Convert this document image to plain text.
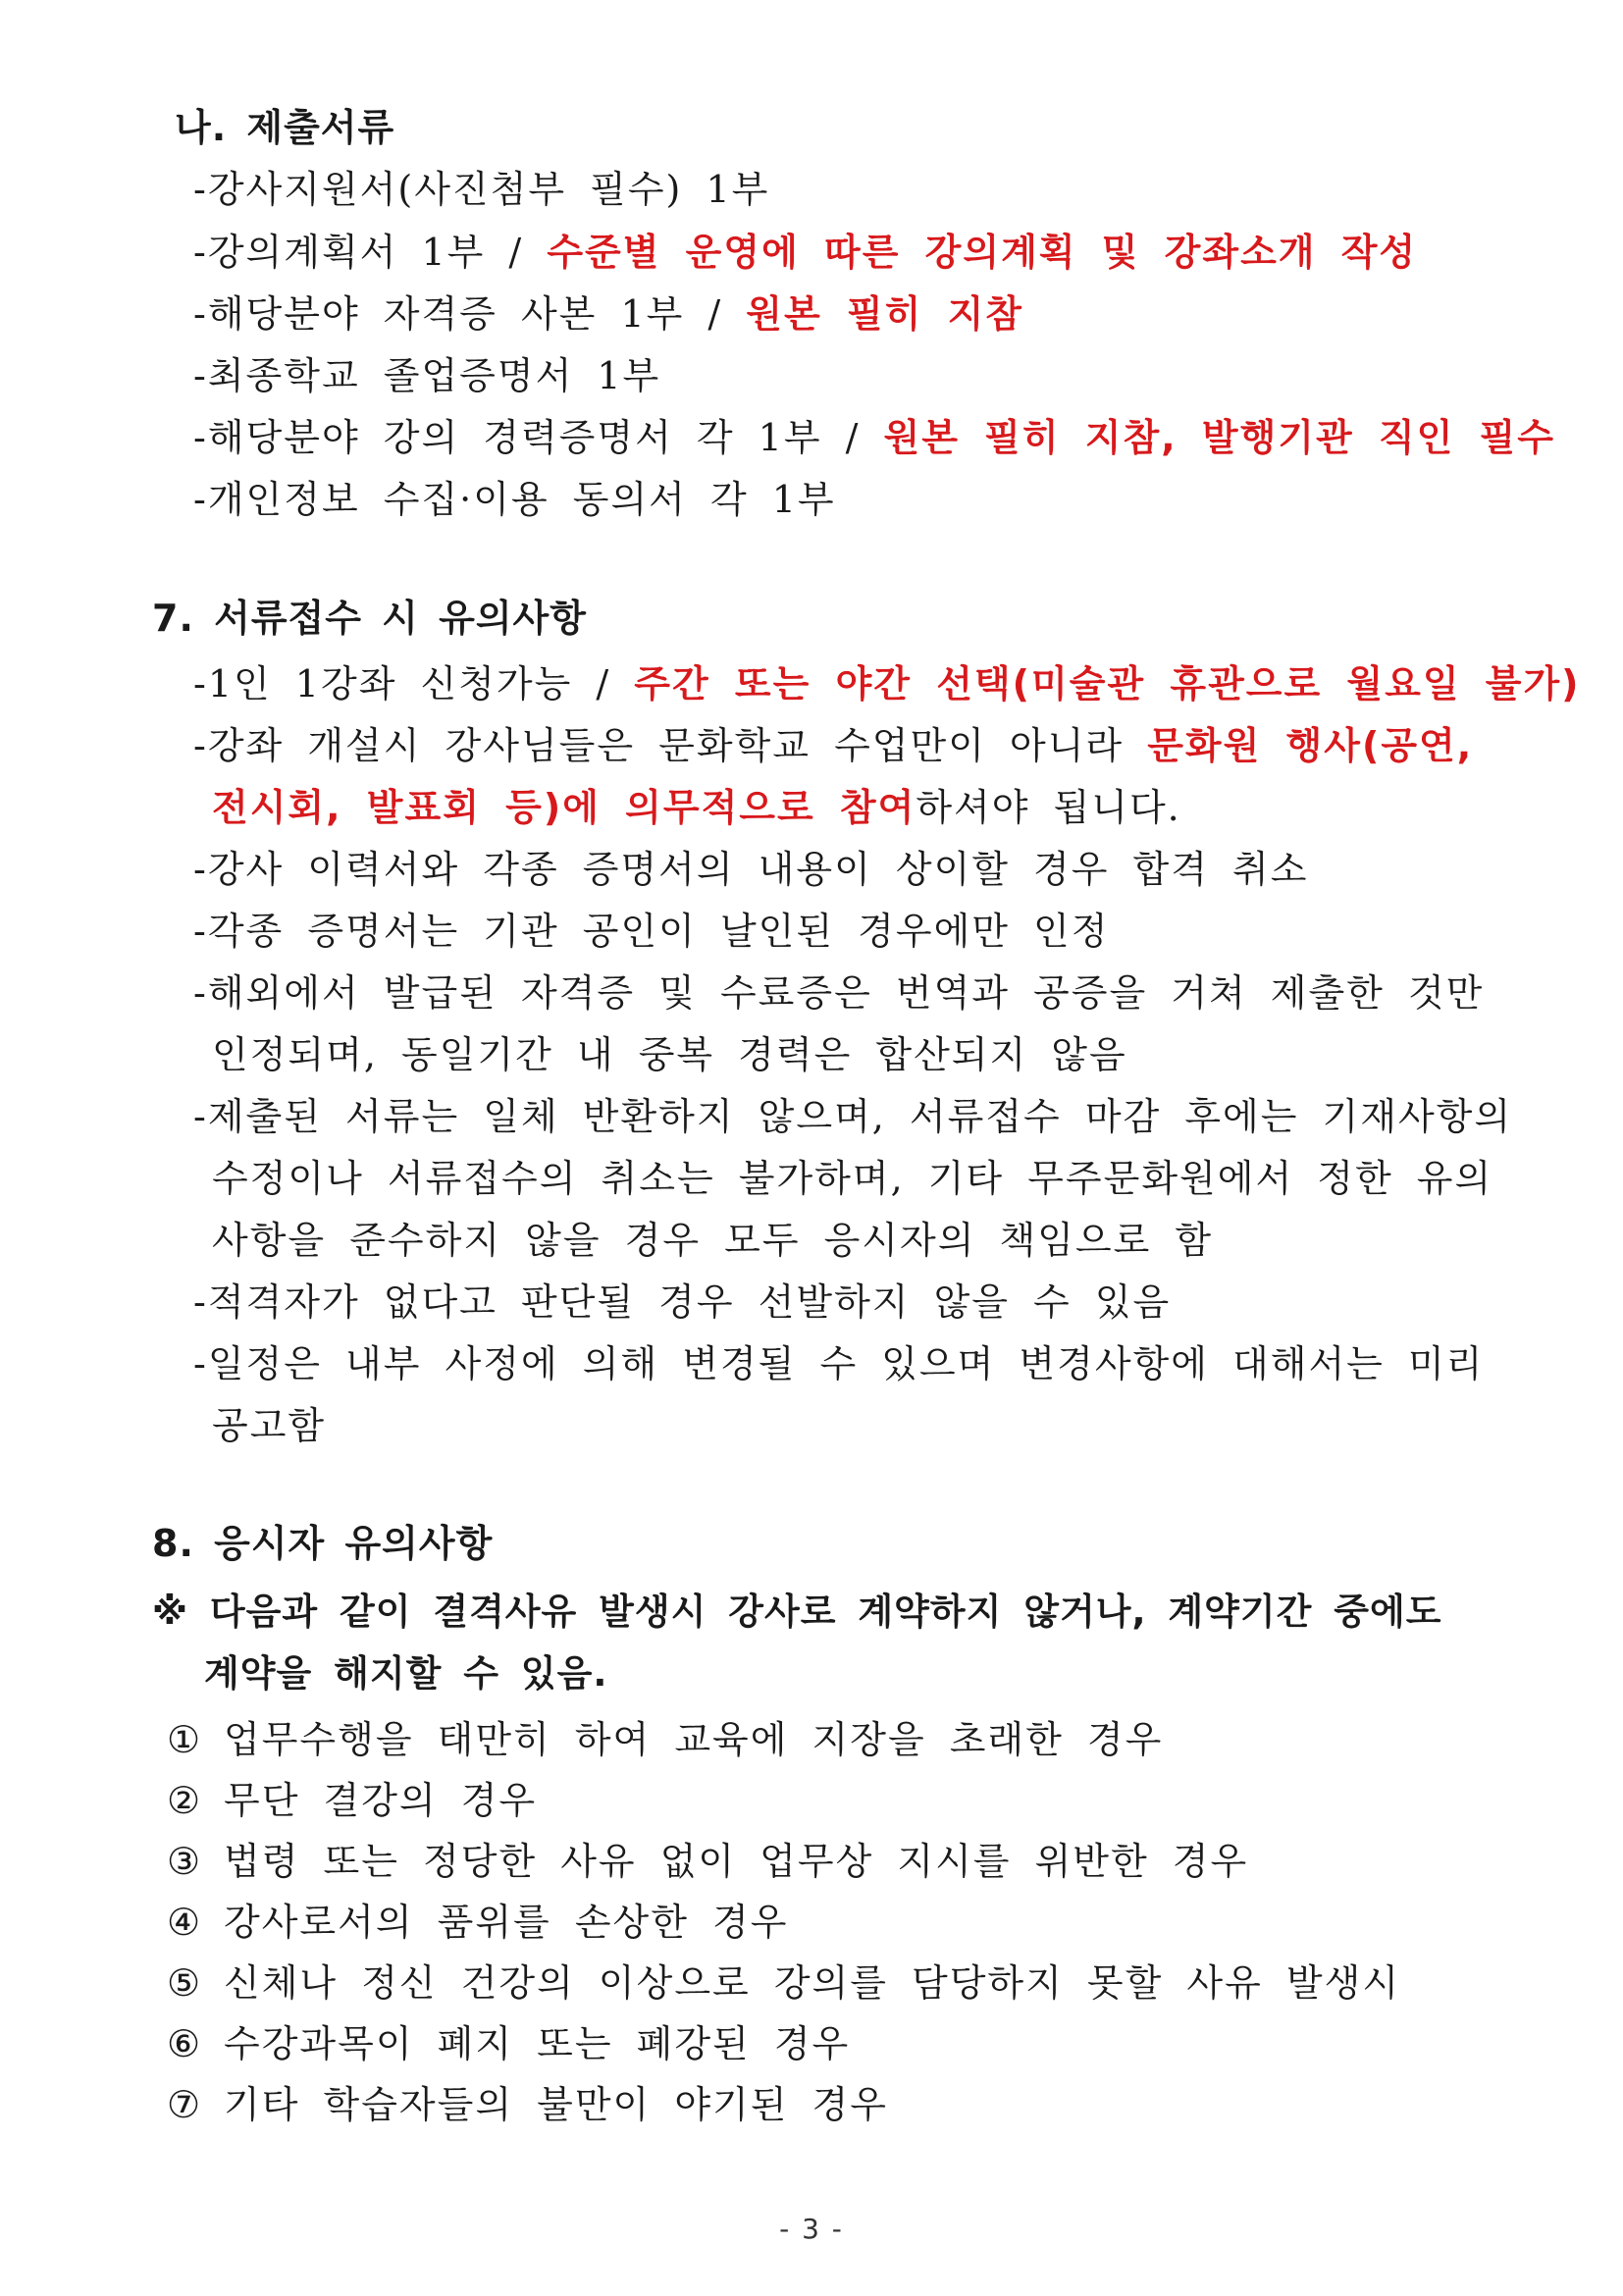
나. 제출서류
-강사지원서(사진첨부 필수) 1부
-강의계획서 1부 / 수준별 운영에 따른 강의계획 및 강좌소개 작성
-해당분야 자격증 사본 1부 / 원본 필히 지참
-최종학교 졸업증명서 1부
-해당분야 강의 경력증명서 각 1부 / 원본 필히 지참, 발행기관 직인 필수
-개인정보 수집·이용 동의서 각 1부
7. 서류접수 시 유의사항
-1인 1강좌 신청가능 / 주간 또는 야간 선택(미술관 휴관으로 월요일 불가)
-강좌 개설시 강사님들은 문화학교 수업만이 아니라 문화원 행사(공연,
전시회, 발표회 등)에 의무적으로 참여하셔야 됩니다.
-강사 이력서와 각종 증명서의 내용이 상이할 경우 합격 취소
-각종 증명서는 기관 공인이 날인된 경우에만 인정
-해외에서 발급된 자격증 및 수료증은 번역과 공증을 거쳐 제출한 것만
인정되며, 동일기간 내 중복 경력은 합산되지 않음
-제출된 서류는 일체 반환하지 않으며, 서류접수 마감 후에는 기재사항의
수정이나 서류접수의 취소는 불가하며, 기타 무주문화원에서 정한 유의
사항을 준수하지 않을 경우 모두 응시자의 책임으로 함
-적격자가 없다고 판단될 경우 선발하지 않을 수 있음
-일정은 내부 사정에 의해 변경될 수 있으며 변경사항에 대해서는 미리
공고함
8. 응시자 유의사항
※ 다음과 같이 결격사유 발생시 강사로 계약하지 않거나, 계약기간 중에도
계약을 해지할 수 있음.
① 업무수행을 태만히 하여 교육에 지장을 초래한 경우
② 무단 결강의 경우
③ 법령 또는 정당한 사유 없이 업무상 지시를 위반한 경우
④ 강사로서의 품위를 손상한 경우
⑤ 신체나 정신 건강의 이상으로 강의를 담당하지 못할 사유 발생시
⑥ 수강과목이 폐지 또는 폐강된 경우
⑦ 기타 학습자들의 불만이 야기된 경우
- 3 -
